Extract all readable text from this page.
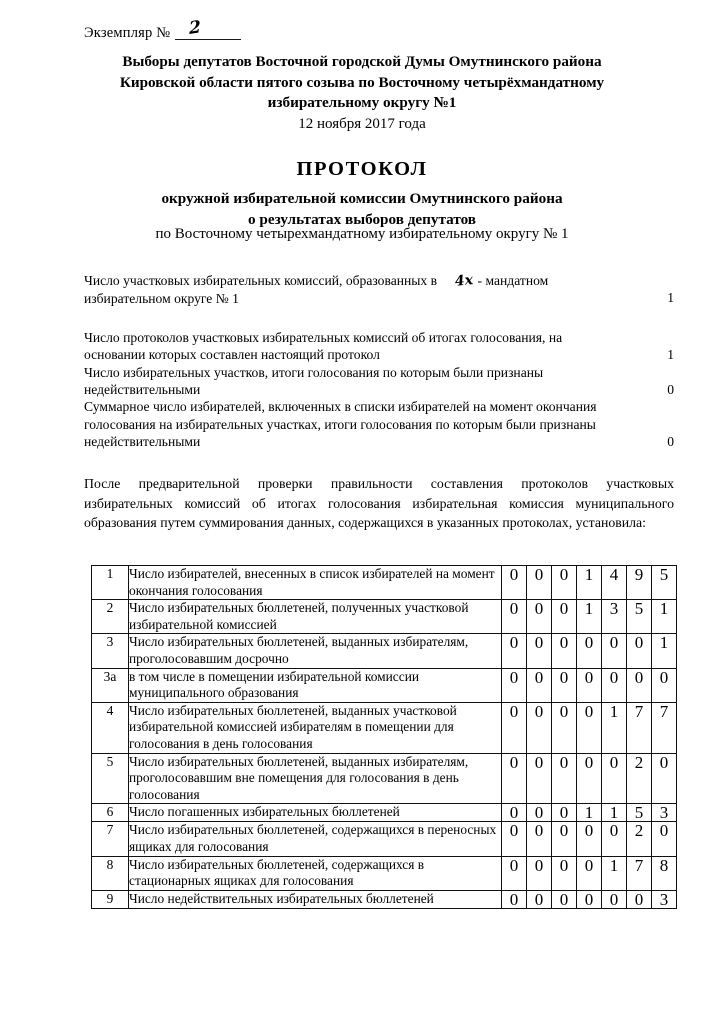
Экземпляр № 2
Выборы депутатов Восточной городской Думы Омутнинского района
Кировской области пятого созыва по Восточному четырёхмандатному
избирательному округу №1
12 ноября 2017 года
ПРОТОКОЛ
окружной избирательной комиссии Омутнинского района
о результатах выборов депутатов
по Восточному четырехмандатному избирательному округу № 1
Число участковых избирательных комиссий, образованных в 4х - мандатном избирательном округе № 1	1
Число протоколов участковых избирательных комиссий об итогах голосования, на основании которых составлен настоящий протокол	1
Число избирательных участков, итоги голосования по которым были признаны недействительными	0
Суммарное число избирателей, включенных в списки избирателей на момент окончания голосования на избирательных участках, итоги голосования по которым были признаны недействительными	0
После предварительной проверки правильности составления протоколов участковых избирательных комиссий об итогах голосования избирательная комиссия муниципального образования путем суммирования данных, содержащихся в указанных протоколах, установила:
1	Число избирателей, внесенных в список избирателей на момент окончания голосования	0	0	0	1	4	9	5
2	Число избирательных бюллетеней, полученных участковой избирательной комиссией	0	0	0	1	3	5	1
3	Число избирательных бюллетеней, выданных избирателям, проголосовавшим досрочно	0	0	0	0	0	0	1
3а	в том числе в помещении избирательной комиссии муниципального образования	0	0	0	0	0	0	0
4	Число избирательных бюллетеней, выданных участковой избирательной комиссией избирателям в помещении для голосования в день голосования	0	0	0	0	1	7	7
5	Число избирательных бюллетеней, выданных избирателям, проголосовавшим вне помещения для голосования в день голосования	0	0	0	0	0	2	0
6	Число погашенных избирательных бюллетеней	0	0	0	1	1	5	3
7	Число избирательных бюллетеней, содержащихся в переносных ящиках для голосования	0	0	0	0	0	2	0
8	Число избирательных бюллетеней, содержащихся в стационарных ящиках для голосования	0	0	0	0	1	7	8
9	Число недействительных избирательных бюллетеней	0	0	0	0	0	0	3
